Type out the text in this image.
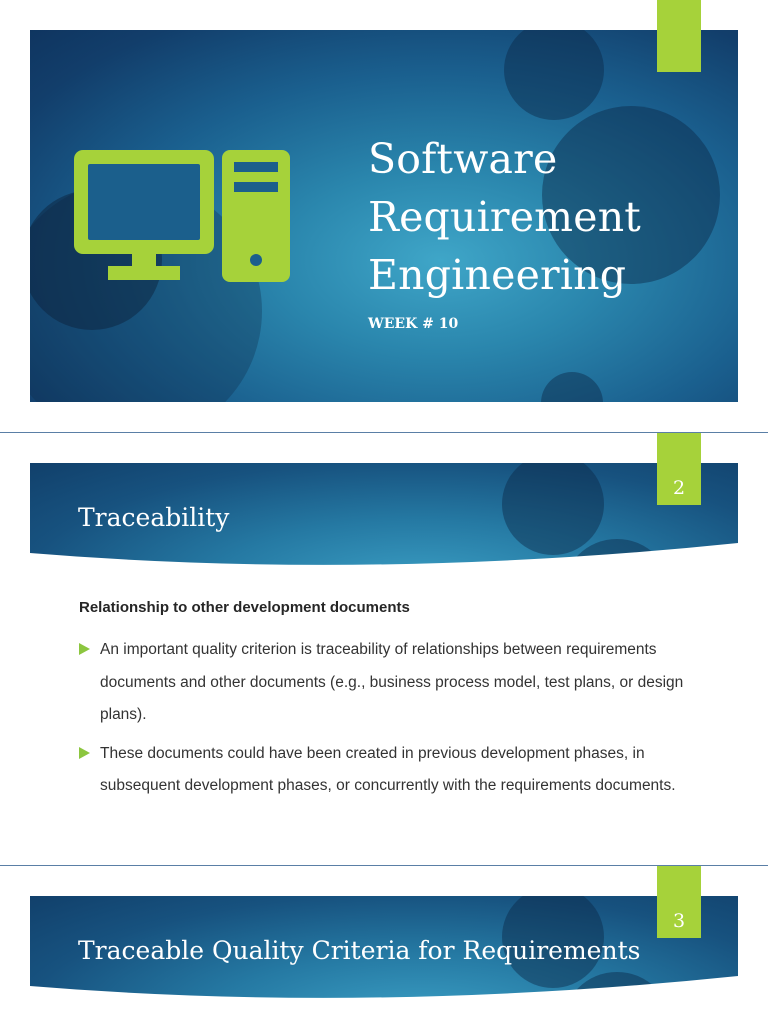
Software
Requirement
Engineering
WEEK # 10
Traceability
2
Relationship to other development documents
An important quality criterion is traceability of relationships between requirements documents and other documents (e.g., business process model, test plans, or design plans).
These documents could have been created in previous development phases, in subsequent development phases, or concurrently with the requirements documents.
Traceable Quality Criteria for Requirements
3
